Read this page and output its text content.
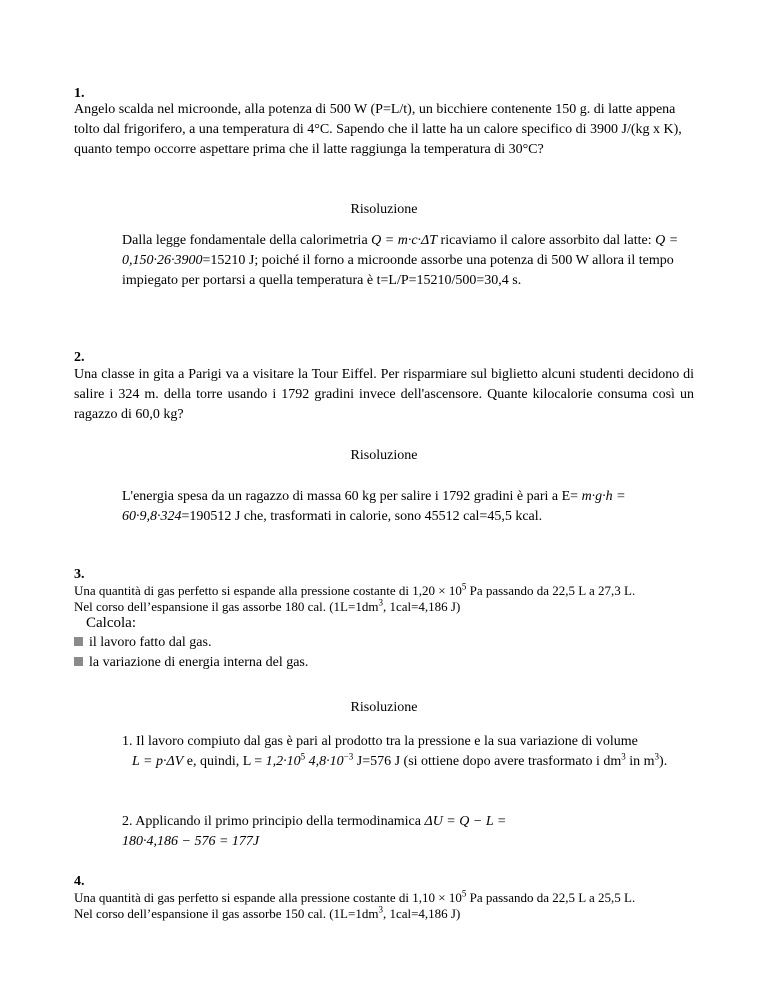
1.
Angelo scalda nel microonde, alla potenza di 500 W (P=L/t), un bicchiere contenente 150 g. di latte appena tolto dal frigorifero, a una temperatura di 4°C. Sapendo che il latte ha un calore specifico di 3900 J/(kg x K), quanto tempo occorre aspettare prima che il latte raggiunga la temperatura di 30°C?
Risoluzione
Dalla legge fondamentale della calorimetria Q = m·c·ΔT ricaviamo il calore assorbito dal latte: Q = 0,150·26·3900=15210 J; poiché il forno a microonde assorbe una potenza di 500 W allora il tempo impiegato per portarsi a quella temperatura è t=L/P=15210/500=30,4 s.
2.
Una classe in gita a Parigi va a visitare la Tour Eiffel. Per risparmiare sul biglietto alcuni studenti decidono di salire i 324 m. della torre usando i 1792 gradini invece dell'ascensore. Quante kilocalorie consuma così un ragazzo di 60,0 kg?
Risoluzione
L'energia spesa da un ragazzo di massa 60 kg per salire i 1792 gradini è pari a E= m·g·h = 60·9,8·324=190512 J che, trasformati in calorie, sono 45512 cal=45,5 kcal.
3.
Una quantità di gas perfetto si espande alla pressione costante di $1,20 \times 10^5$ Pa passando da 22,5 L a 27,3 L.
Nel corso dell’espansione il gas assorbe 180 cal. ($1L=1dm^3$, 1cal=4,186 J)
Calcola:
il lavoro fatto dal gas.
la variazione di energia interna del gas.
Risoluzione
1. Il lavoro compiuto dal gas è pari al prodotto tra la pressione e la sua variazione di volume
L = p·ΔV e, quindi, $L = 1,2\cdot 10^5$ $4,8\cdot 10^{-3}$ J=576 J (si ottiene dopo avere trasformato i $dm^3$ in $m^3$).
2. Applicando il primo principio della termodinamica ΔU = Q − L =
180·4,186 − 576 = 177J
4.
Una quantità di gas perfetto si espande alla pressione costante di $1,10 \times 10^5$ Pa passando da 22,5 L a 25,5 L.
Nel corso dell’espansione il gas assorbe 150 cal. ($1L=1dm^3$, 1cal=4,186 J)
